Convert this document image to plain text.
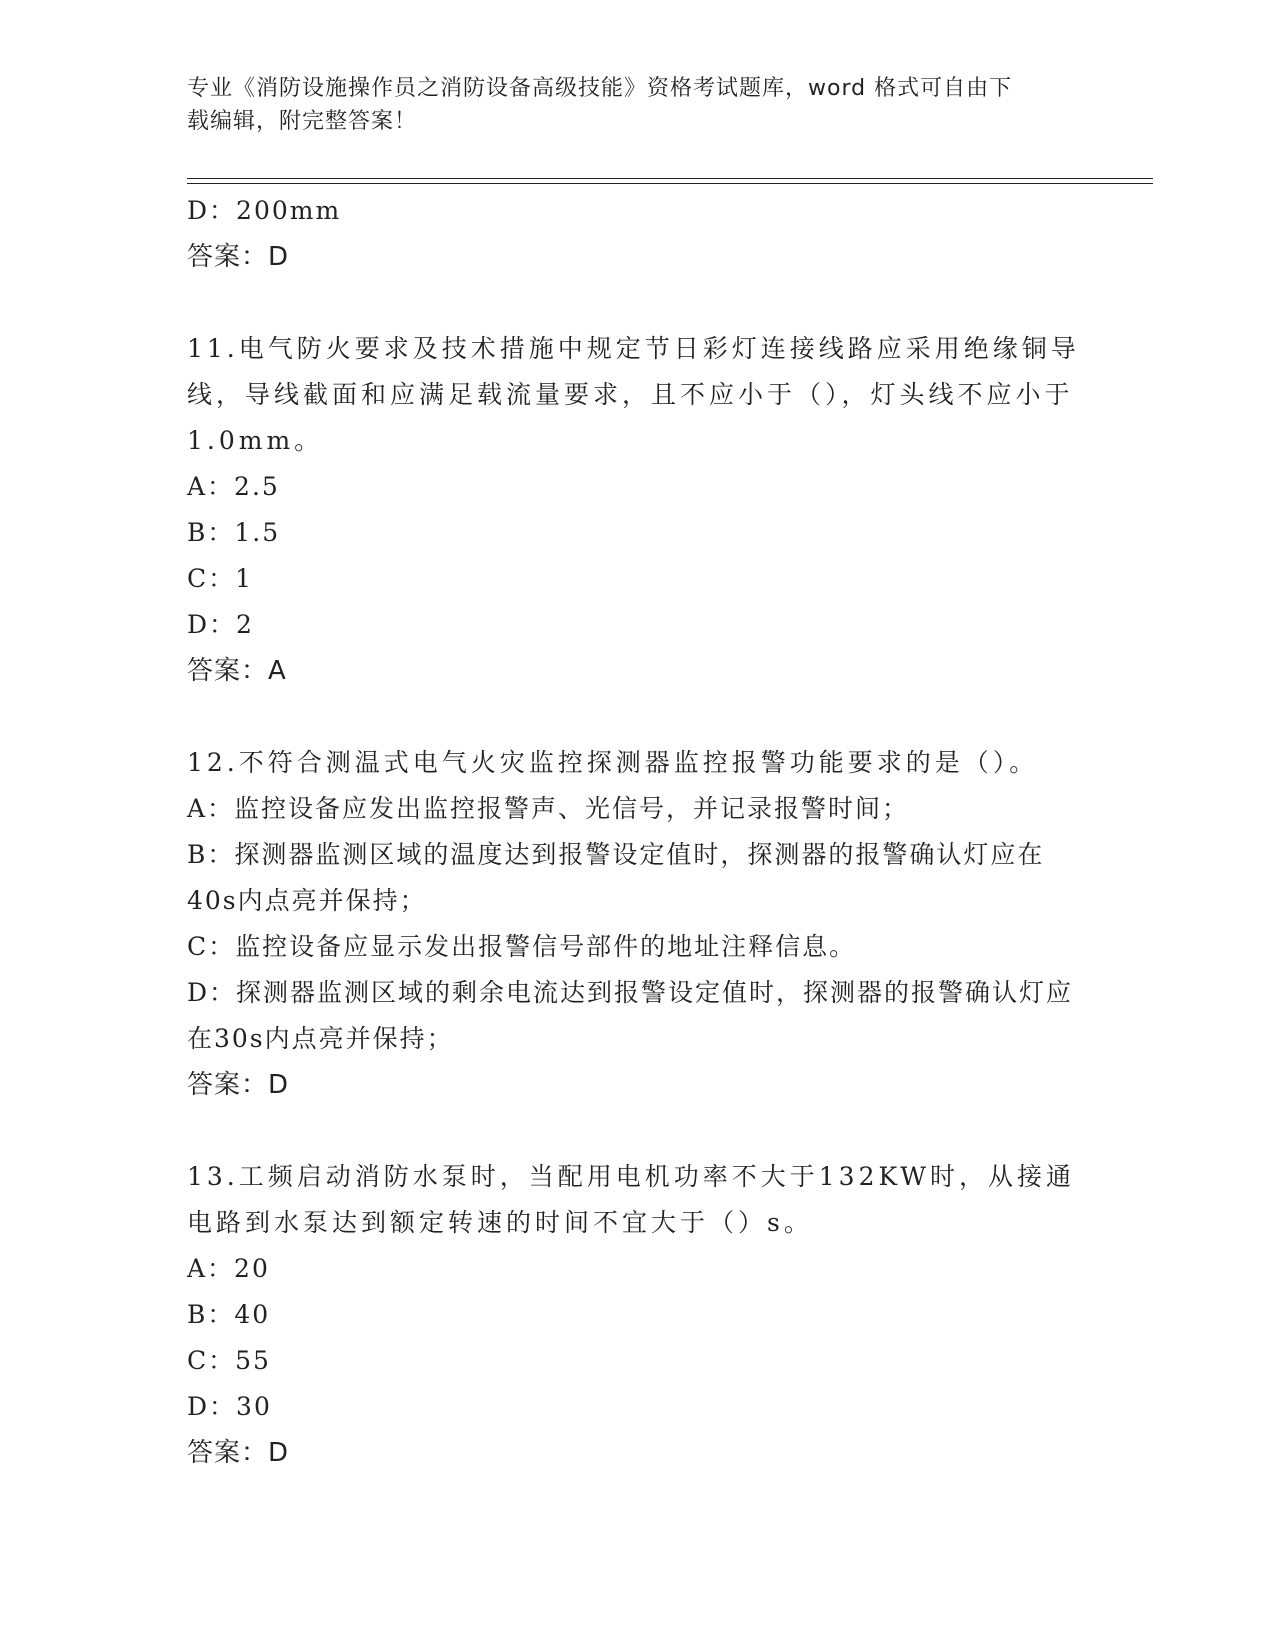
专业《消防设施操作员之消防设备高级技能》资格考试题库，word 格式可自由下
载编辑，附完整答案！
D：200mm
答案：D
11.电气防火要求及技术措施中规定节日彩灯连接线路应采用绝缘铜导线，导线截面和应满足载流量要求，且不应小于（），灯头线不应小于1.0mm。
A：2.5
B：1.5
C：1
D：2
答案：A
12.不符合测温式电气火灾监控探测器监控报警功能要求的是（）。
A：监控设备应发出监控报警声、光信号，并记录报警时间；
B：探测器监测区域的温度达到报警设定值时，探测器的报警确认灯应在40s内点亮并保持；
C：监控设备应显示发出报警信号部件的地址注释信息。
D：探测器监测区域的剩余电流达到报警设定值时，探测器的报警确认灯应在30s内点亮并保持；
答案：D
13.工频启动消防水泵时，当配用电机功率不大于132KW时，从接通电路到水泵达到额定转速的时间不宜大于（）s。
A：20
B：40
C：55
D：30
答案：D
